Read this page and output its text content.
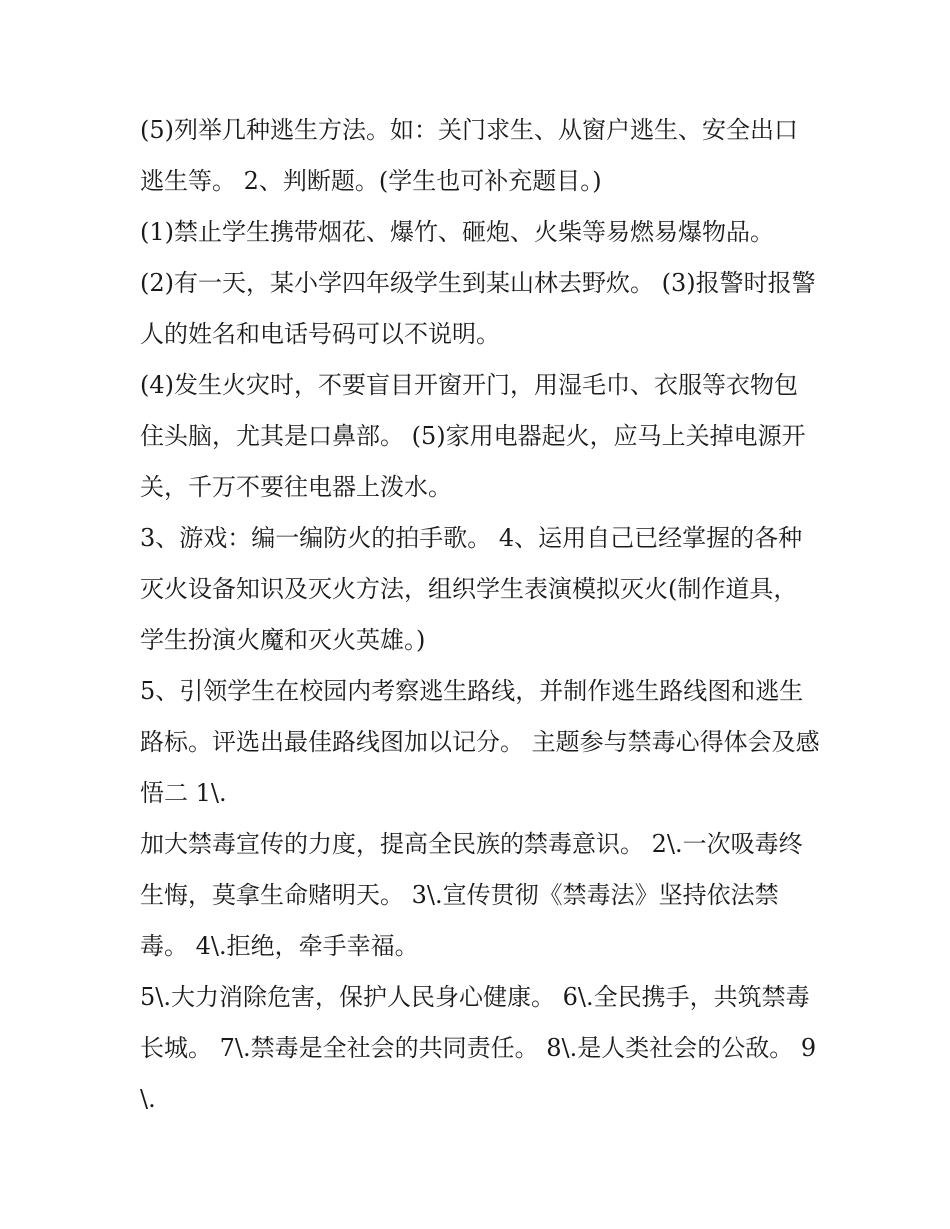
(5)列举几种逃生方法。如：关门求生、从窗户逃生、安全出口逃生等。 2、判断题。(学生也可补充题目。)

(1)禁止学生携带烟花、爆竹、砸炮、火柴等易燃易爆物品。

(2)有一天，某小学四年级学生到某山林去野炊。 (3)报警时报警人的姓名和电话号码可以不说明。

(4)发生火灾时，不要盲目开窗开门，用湿毛巾、衣服等衣物包住头脑，尤其是口鼻部。 (5)家用电器起火，应马上关掉电源开关，千万不要往电器上泼水。

3、游戏：编一编防火的拍手歌。 4、运用自己已经掌握的各种灭火设备知识及灭火方法，组织学生表演模拟灭火(制作道具，学生扮演火魔和灭火英雄。)

5、引领学生在校园内考察逃生路线，并制作逃生路线图和逃生路标。评选出最佳路线图加以记分。 主题参与禁毒心得体会及感悟二 1\.

加大禁毒宣传的力度，提高全民族的禁毒意识。 2\.一次吸毒终生悔，莫拿生命赌明天。 3\.宣传贯彻《禁毒法》坚持依法禁毒。 4\.拒绝，牵手幸福。

5\.大力消除危害，保护人民身心健康。 6\.全民携手，共筑禁毒长城。 7\.禁毒是全社会的共同责任。 8\.是人类社会的公敌。 9\.
